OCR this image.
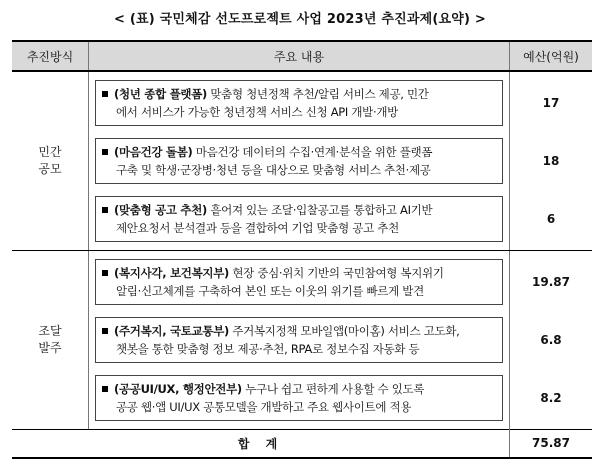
< (표) 국민체감 선도프로젝트 사업 2023년 추진과제(요약) >
추진방식	주요 내용	예산(억원)

민간
공모		

	(청년 종합 플랫폼) 맞춤형 청년정책 추천/알림 서비스 제공, 민간
에서 서비스가 가능한 청년정책 서비스 신청 API 개발·개방	17

	(마음건강 돌봄) 마음건강 데이터의 수집·연계·분석을 위한 플랫폼
구축 및 학생·군장병·청년 등을 대상으로 맞춤형 서비스 추천·제공	18

	(맞춤형 공고 추천) 흩어져 있는 조달·입찰공고를 통합하고 AI기반
제안요청서 분석결과 등을 결합하여 기업 맞춤형 공고 추천	6

조달
발주		

	(복지사각, 보건복지부) 현장 중심·위치 기반의 국민참여형 복지위기
알림·신고체계를 구축하여 본인 또는 이웃의 위기를 빠르게 발견	19.87

	(주거복지, 국토교통부) 주거복지정책 모바일앱(마이홈) 서비스 고도화,
챗봇을 통한 맞춤형 정보 제공·추천, RPA로 정보수집 자동화 등	6.8

	(공공UI/UX, 행정안전부) 누구나 쉽고 편하게 사용할 수 있도록
공공 웹·앱 UI/UX 공통모델을 개발하고 주요 웹사이트에 적용	8.2

합 계		75.87
